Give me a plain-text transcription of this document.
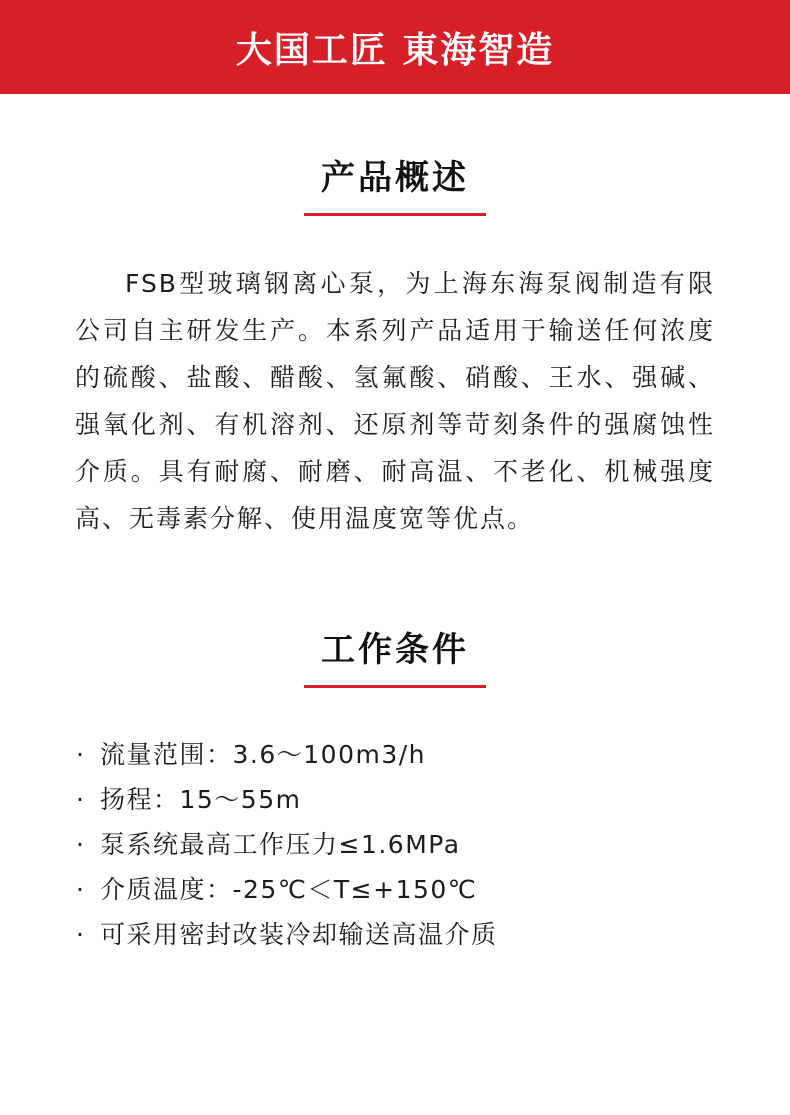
大国工匠 東海智造
产品概述
FSB型玻璃钢离心泵，为上海东海泵阀制造有限公司自主研发生产。本系列产品适用于输送任何浓度的硫酸、盐酸、醋酸、氢氟酸、硝酸、王水、强碱、强氧化剂、有机溶剂、还原剂等苛刻条件的强腐蚀性介质。具有耐腐、耐磨、耐高温、不老化、机械强度高、无毒素分解、使用温度宽等优点。
工作条件
· 流量范围：3.6～100m3/h
· 扬程：15～55m
· 泵系统最高工作压力≤1.6MPa
· 介质温度：-25℃＜T≤+150℃
· 可采用密封改装冷却输送高温介质
